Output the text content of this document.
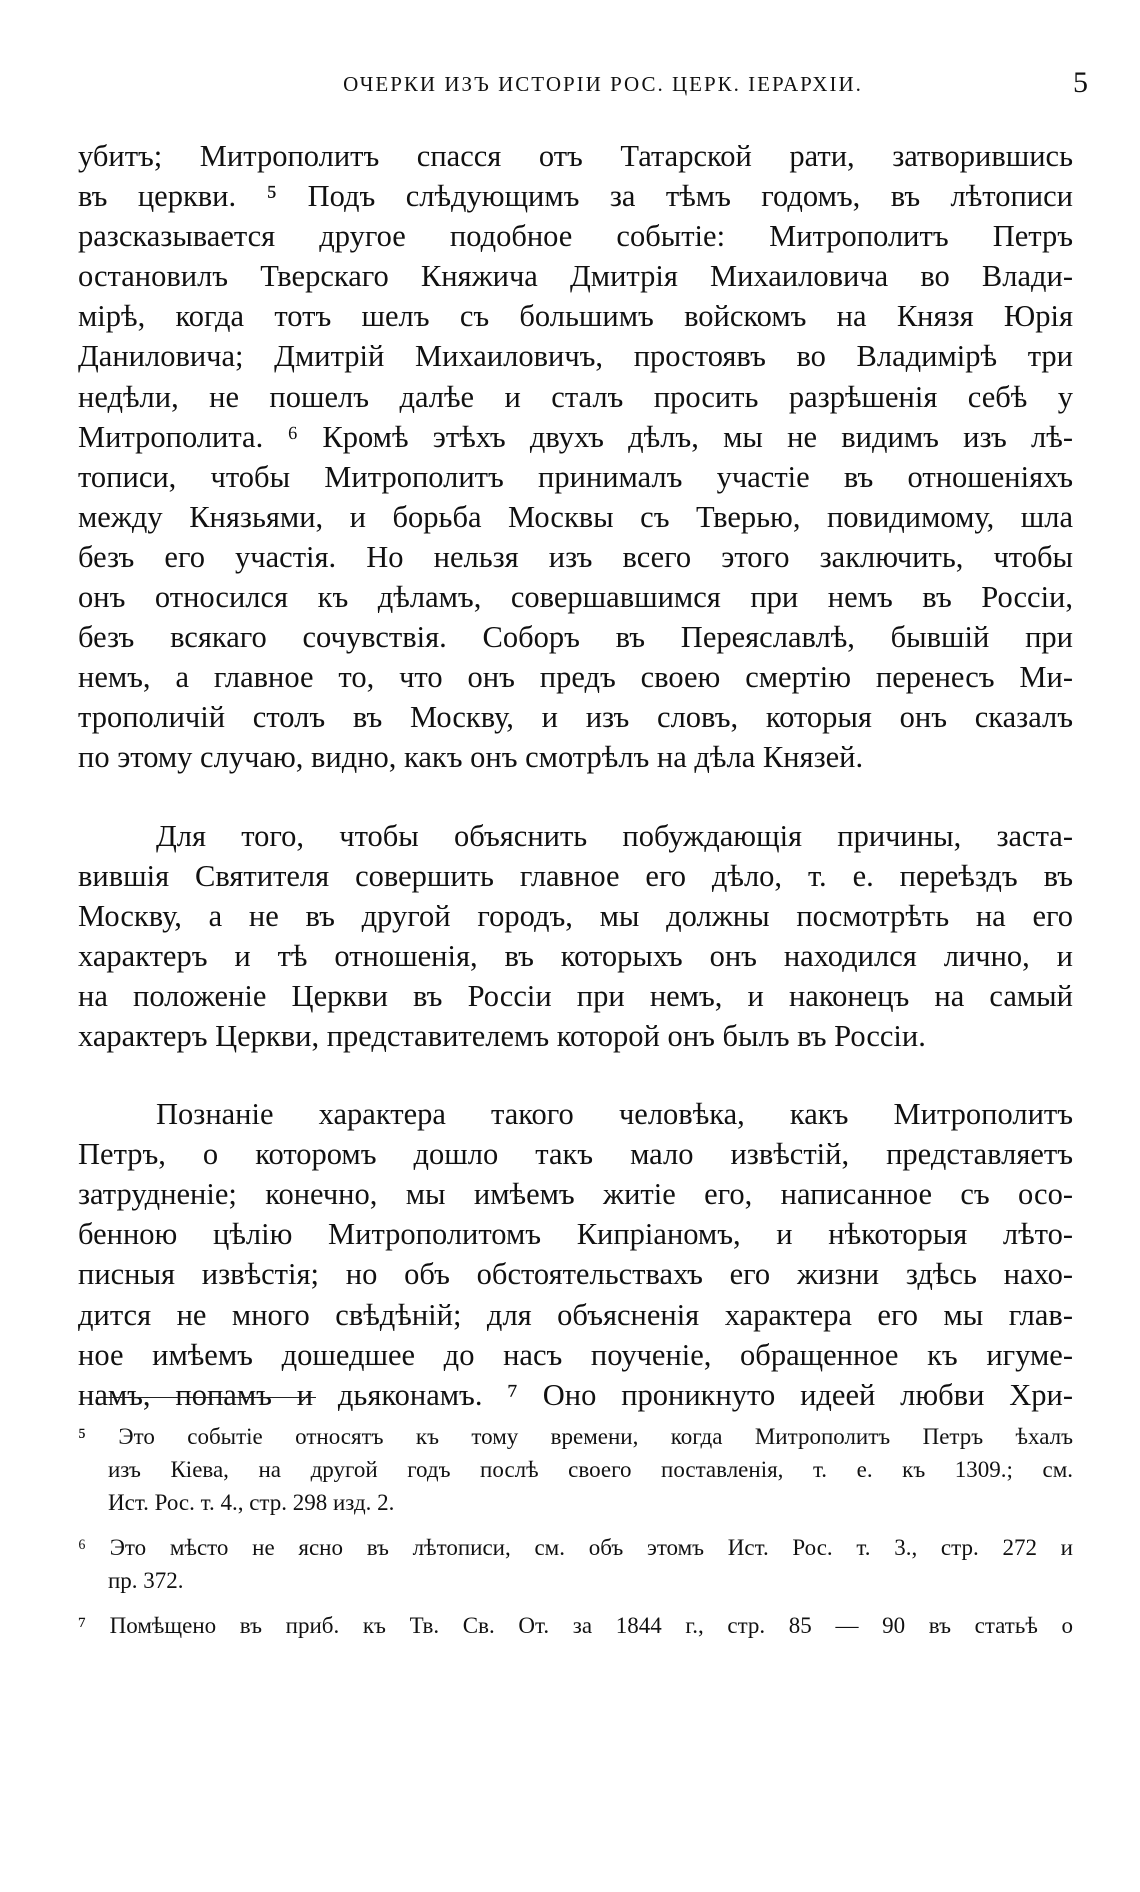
ОЧЕРКИ ИЗЪ ИСТОРІИ РОС. ЦЕРК. ІЕРАРХІИ.	5
убитъ; Митрополитъ спасся отъ Татарской рати, затворившись
въ церкви. ⁵ Подъ слѣдующимъ за тѣмъ годомъ, въ лѣтописи
разсказывается другое подобное событіе: Митрополитъ Петръ
остановилъ Тверскаго Княжича Дмитрія Михаиловича во Влади-
мірѣ, когда тотъ шелъ съ большимъ войскомъ на Князя Юрія
Даниловича; Дмитрій Михаиловичъ, простоявъ во Владимірѣ три
недѣли, не пошелъ далѣе и сталъ просить разрѣшенія себѣ у
Митрополита. ⁶ Кромѣ этѣхъ двухъ дѣлъ, мы не видимъ изъ лѣ-
тописи, чтобы Митрополитъ принималъ участіе въ отношеніяхъ
между Князьями, и борьба Москвы съ Тверью, повидимому, шла
безъ его участія. Но нельзя изъ всего этого заключить, чтобы
онъ относился къ дѣламъ, совершавшимся при немъ въ Россіи,
безъ всякаго сочувствія. Соборъ въ Переяславлѣ, бывшій при
немъ, а главное то, что онъ предъ своею смертію перенесъ Ми-
трополичій столъ въ Москву, и изъ словъ, которыя онъ сказалъ
по этому случаю, видно, какъ онъ смотрѣлъ на дѣла Князей.
Для того, чтобы объяснить побуждающія причины, заста-
вившія Святителя совершить главное его дѣло, т. е. переѣздъ въ
Москву, а не въ другой городъ, мы должны посмотрѣть на его
характеръ и тѣ отношенія, въ которыхъ онъ находился лично, и
на положеніе Церкви въ Россіи при немъ, и наконецъ на самый
характеръ Церкви, представителемъ которой онъ былъ въ Россіи.
Познаніе характера такого человѣка, какъ Митрополитъ
Петръ, о которомъ дошло такъ мало извѣстій, представляетъ
затрудненіе; конечно, мы имѣемъ житіе его, написанное съ осо-
бенною цѣлію Митрополитомъ Кипріаномъ, и нѣкоторыя лѣто-
писныя извѣстія; но объ обстоятельствахъ его жизни здѣсь нахо-
дится не много свѣдѣній; для объясненія характера его мы глав-
ное имѣемъ дошедшее до насъ поученіе, обращенное къ игуме-
намъ, попамъ и дьяконамъ. ⁷ Оно проникнуто идеей любви Хри-
⁵ Это событіе относятъ къ тому времени, когда Митрополитъ Петръ ѣхалъ
изъ Кіева, на другой годъ послѣ своего поставленія, т. е. къ 1309.; см.
Ист. Рос. т. 4., стр. 298 изд. 2.
⁶ Это мѣсто не ясно въ лѣтописи, см. объ этомъ Ист. Рос. т. 3., стр. 272 и
пр. 372.
⁷ Помѣщено въ приб. къ Тв. Св. От. за 1844 г., стр. 85 — 90 въ статьѣ о
